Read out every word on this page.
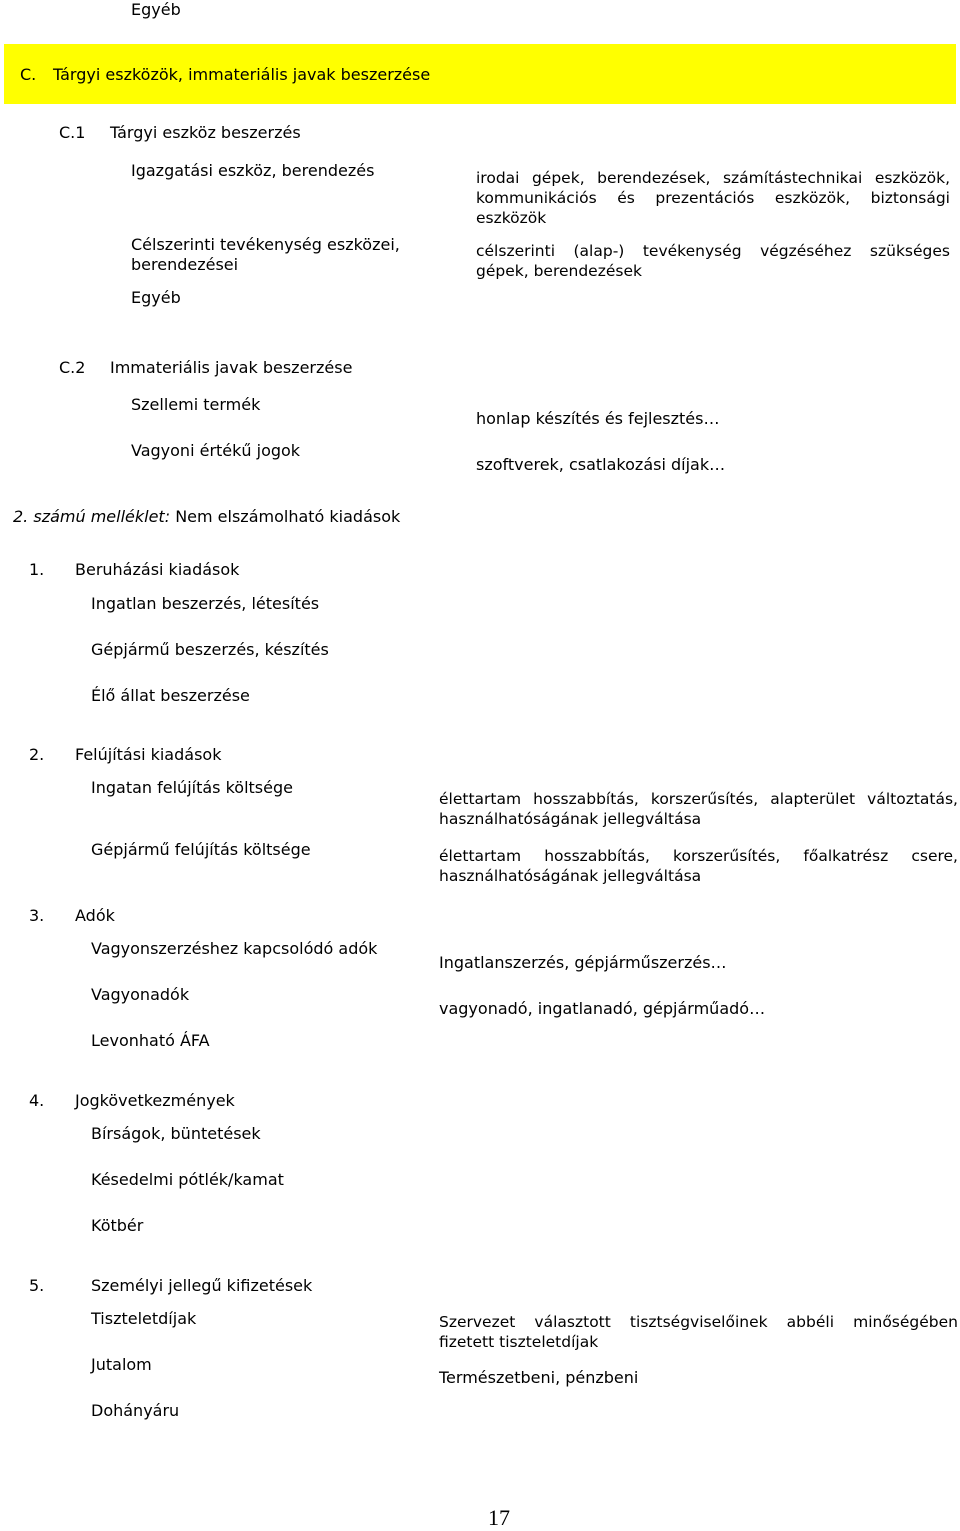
Egyéb
C. Tárgyi eszközök, immateriális javak beszerzése
C.1 Tárgyi eszköz beszerzés
Igazgatási eszköz, berendezés
Célszerinti tevékenység eszközei,
berendezései
Egyéb
irodai gépek, berendezések, számítástechnikai eszközök, kommunikációs és prezentációs eszközök, biztonsági eszközök
célszerinti (alap-) tevékenység végzéséhez szükséges gépek, berendezések
C.2 Immateriális javak beszerzése
Szellemi termék
Vagyoni értékű jogok
honlap készítés és fejlesztés…
szoftverek, csatlakozási díjak…
2. számú melléklet: Nem elszámolható kiadások
1. Beruházási kiadások
Ingatlan beszerzés, létesítés
Gépjármű beszerzés, készítés
Élő állat beszerzése
2. Felújítási kiadások
Ingatan felújítás költsége
Gépjármű felújítás költsége
élettartam hosszabbítás, korszerűsítés, alapterület változtatás, használhatóságának jellegváltása
élettartam hosszabbítás, korszerűsítés, főalkatrész csere, használhatóságának jellegváltása
3. Adók
Vagyonszerzéshez kapcsolódó adók
Vagyonadók
Levonható ÁFA
Ingatlanszerzés, gépjárműszerzés…
vagyonadó, ingatlanadó, gépjárműadó…
4. Jogkövetkezmények
Bírságok, büntetések
Késedelmi pótlék/kamat
Kötbér
5.	Személyi jellegű kifizetések
Tiszteletdíjak
Jutalom
Dohányáru
Szervezet választott tisztségviselőinek abbéli minőségében fizetett tiszteletdíjak
Természetbeni, pénzbeni
17
